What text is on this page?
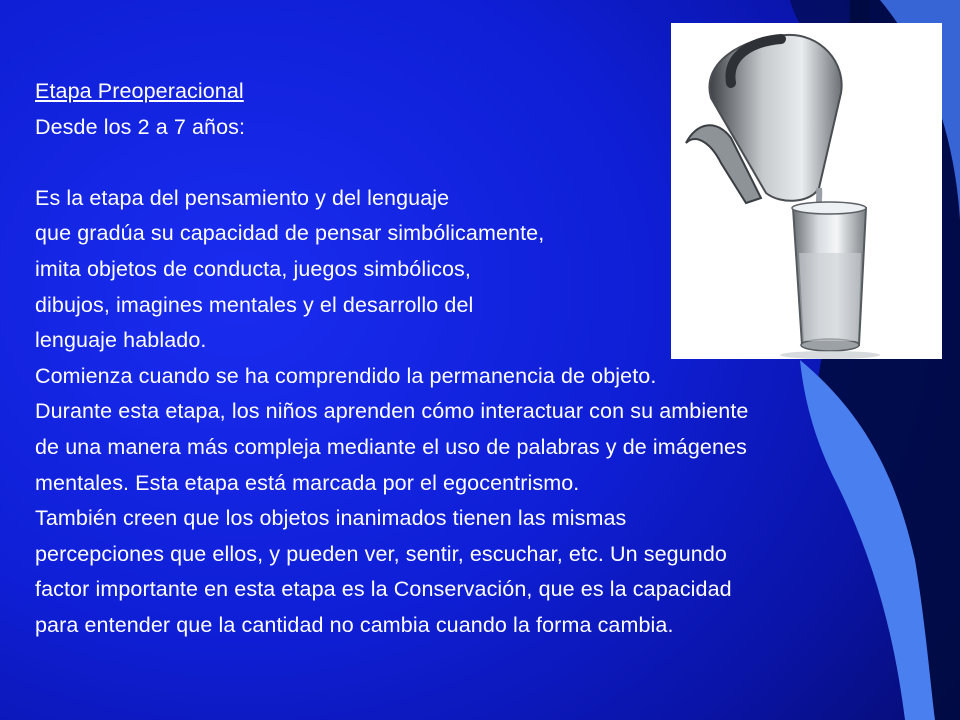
Etapa Preoperacional
Desde los 2 a 7 años:
Es la etapa del pensamiento y del lenguaje
que gradúa su capacidad de pensar simbólicamente,
imita objetos de conducta, juegos simbólicos,
dibujos, imagines mentales y el desarrollo del
lenguaje hablado.
Comienza cuando se ha comprendido la permanencia de objeto.
Durante esta etapa, los niños aprenden cómo interactuar con su ambiente
de una manera más compleja mediante el uso de palabras y de imágenes
mentales. Esta etapa está marcada por el egocentrismo.
También creen que los objetos inanimados tienen las mismas
percepciones que ellos, y pueden ver, sentir, escuchar, etc. Un segundo
factor importante en esta etapa es la Conservación, que es la capacidad
para entender que la cantidad no cambia cuando la forma cambia.
